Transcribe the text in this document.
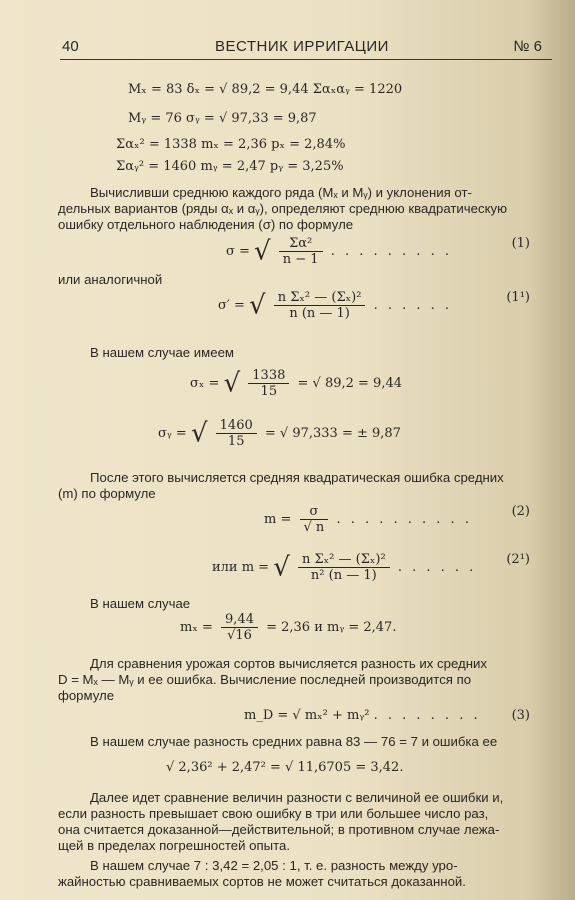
40	ВЕСТНИК ИРРИГАЦИИ	№ 6
Mₓ = 83 δₓ = √ 89,2 = 9,44 Σαₓαᵧ = 1220
Mᵧ = 76 σᵧ = √ 97,33 = 9,87
Σαₓ² = 1338 mₓ = 2,36 pₓ = 2,84%
Σαᵧ² = 1460 mᵧ = 2,47 pᵧ = 3,25%
Вычисливши среднюю каждого ряда (Mₓ и Mᵧ) и уклонения от-
дельных вариантов (ряды αₓ и αᵧ), определяют среднюю квадратическую
ошибку отдельного наблюдения (σ) по формуле
σ = √ $\frac{\text{Σα²}}{n - 1}$ . . . . . . . . .
(1)
или аналогичной
σ′ = √ $\frac{\text{n Σₓ² — (Σₓ)²}}{n (n — 1)}$ . . . . . .
(1¹)
В нашем случае имеем
σₓ = √ $\frac{1338}{15}$ = √ 89,2 = 9,44
σᵧ = √ $\frac{1460}{15}$ = √ 97,333 = ± 9,87
После этого вычисляется средняя квадратическая ошибка средних
(m) по формуле
$m = \frac{\sigma}{√ n}$ . . . . . . . . . .
(2)
или m = √ $\frac{\text{n Σₓ² — (Σₓ)²}}{\text{n² (n — 1)}}$ . . . . . .
(2¹)
В нашем случае
$m_x = \frac{9,44}{√16} = 2,36$ и mᵧ = 2,47.
Для сравнения урожая сортов вычисляется разность их средних
D = Mₓ — Mᵧ и ее ошибка. Вычисление последней производится по
формуле
m_D = √ mₓ² + mᵧ² . . . . . . . . (3)
В нашем случае разность средних равна 83 — 76 = 7 и ошибка ее
√ 2,36² + 2,47² = √ 11,6705 = 3,42.
Далее идет сравнение величин разности с величиной ее ошибки и,
если разность превышает свою ошибку в три или большее число раз,
она считается доказанной—действительной; в противном случае лежа-
щей в пределах погрешностей опыта.
В нашем случае 7 : 3,42 = 2,05 : 1, т. е. разность между уро-
жайностью сравниваемых сортов не может считаться доказанной.
